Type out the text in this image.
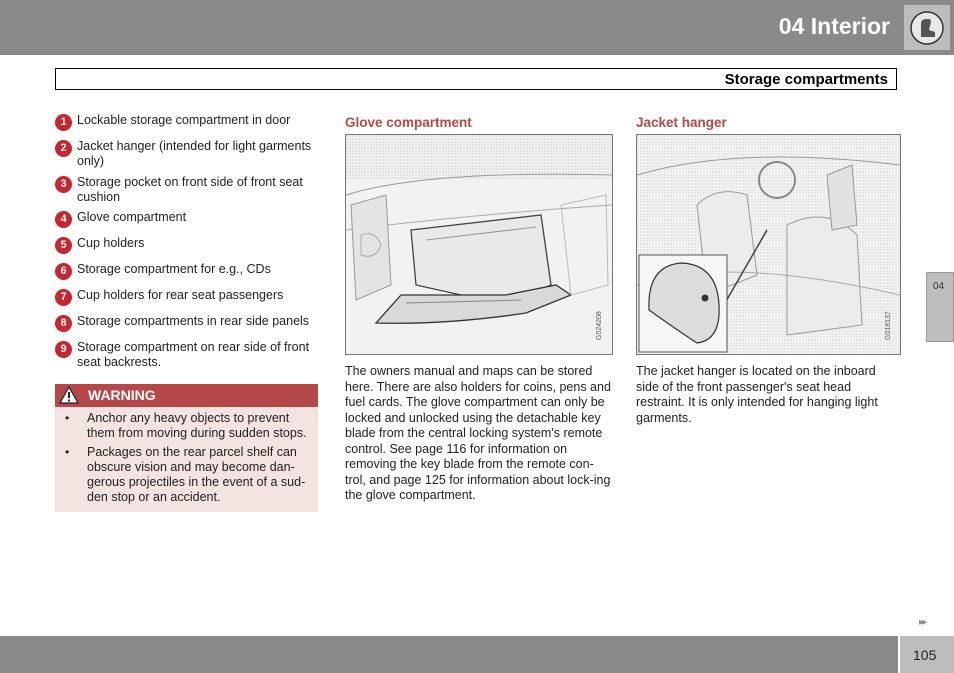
04 Interior
Storage compartments
1 Lockable storage compartment in door
2 Jacket hanger (intended for light garments only)
3 Storage pocket on front side of front seat cushion
4 Glove compartment
5 Cup holders
6 Storage compartment for e.g., CDs
7 Cup holders for rear seat passengers
8 Storage compartments in rear side panels
9 Storage compartment on rear side of front seat backrests.
WARNING
• Anchor any heavy objects to prevent them from moving during sudden stops.
• Packages on the rear parcel shelf can obscure vision and may become dan-gerous projectiles in the event of a sud-den stop or an accident.
Glove compartment
G024208
The owners manual and maps can be stored here. There are also holders for coins, pens and fuel cards. The glove compartment can only be locked and unlocked using the detachable key blade from the central locking system's remote control. See page 116 for information on removing the key blade from the remote con-trol, and page 125 for information about lock-ing the glove compartment.
Jacket hanger
G018137
The jacket hanger is located on the inboard side of the front passenger's seat head restraint. It is only intended for hanging light garments.
04
▸▸
105
